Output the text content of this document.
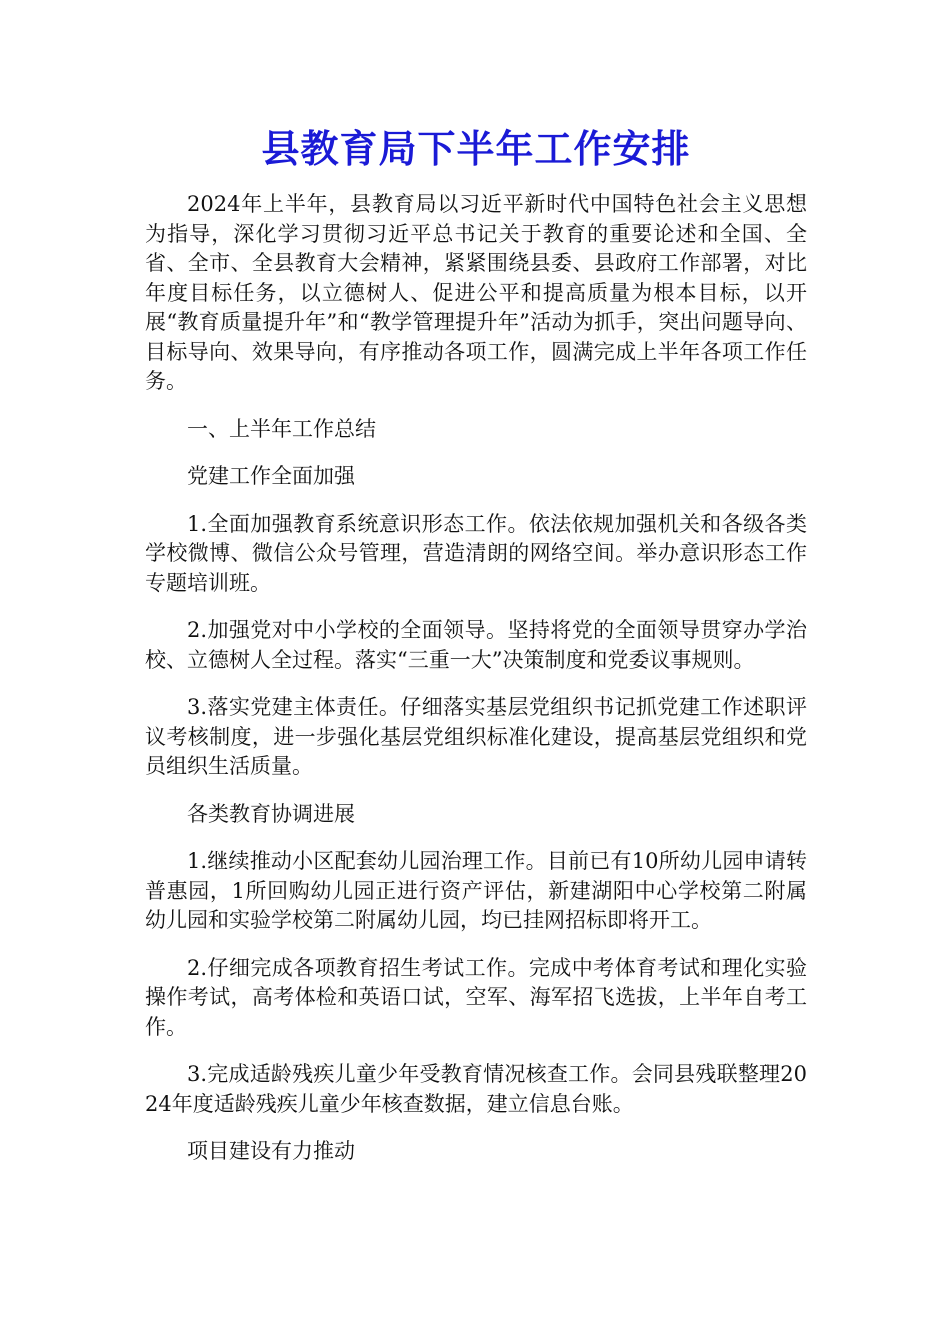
县教育局下半年工作安排

2024年上半年，县教育局以习近平新时代中国特色社会主义思想为指导，深化学习贯彻习近平总书记关于教育的重要论述和全国、全省、全市、全县教育大会精神，紧紧围绕县委、县政府工作部署，对比年度目标任务，以立德树人、促进公平和提高质量为根本目标，以开展“教育质量提升年”和“教学管理提升年”活动为抓手，突出问题导向、目标导向、效果导向，有序推动各项工作，圆满完成上半年各项工作任务。

一、上半年工作总结

党建工作全面加强

1.全面加强教育系统意识形态工作。依法依规加强机关和各级各类学校微博、微信公众号管理，营造清朗的网络空间。举办意识形态工作专题培训班。

2.加强党对中小学校的全面领导。坚持将党的全面领导贯穿办学治校、立德树人全过程。落实“三重一大”决策制度和党委议事规则。

3.落实党建主体责任。仔细落实基层党组织书记抓党建工作述职评议考核制度，进一步强化基层党组织标准化建设，提高基层党组织和党员组织生活质量。

各类教育协调进展

1.继续推动小区配套幼儿园治理工作。目前已有10所幼儿园申请转普惠园，1所回购幼儿园正进行资产评估，新建湖阳中心学校第二附属幼儿园和实验学校第二附属幼儿园，均已挂网招标即将开工。

2.仔细完成各项教育招生考试工作。完成中考体育考试和理化实验操作考试，高考体检和英语口试，空军、海军招飞选拔，上半年自考工作。

3.完成适龄残疾儿童少年受教育情况核查工作。会同县残联整理2024年度适龄残疾儿童少年核查数据，建立信息台账。

项目建设有力推动
